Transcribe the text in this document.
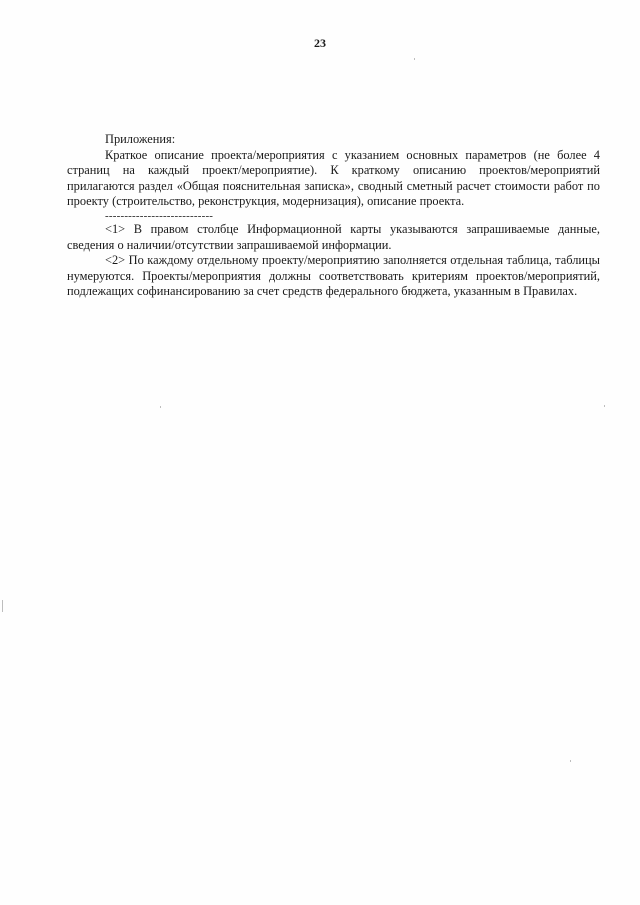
23

Приложения:

Краткое описание проекта/мероприятия с указанием основных параметров (не более 4 страниц на каждый проект/мероприятие). К краткому описанию проектов/мероприятий прилагаются раздел «Общая пояснительная записка», сводный сметный расчет стоимости работ по проекту (строительство, реконструкция, модернизация), описание проекта.

----------------------------

<1> В правом столбце Информационной карты указываются запрашиваемые данные, сведения о наличии/отсутствии запрашиваемой информации.

<2> По каждому отдельному проекту/мероприятию заполняется отдельная таблица, таблицы нумеруются. Проекты/мероприятия должны соответствовать критериям проектов/мероприятий, подлежащих софинансированию за счет средств федерального бюджета, указанным в Правилах.
